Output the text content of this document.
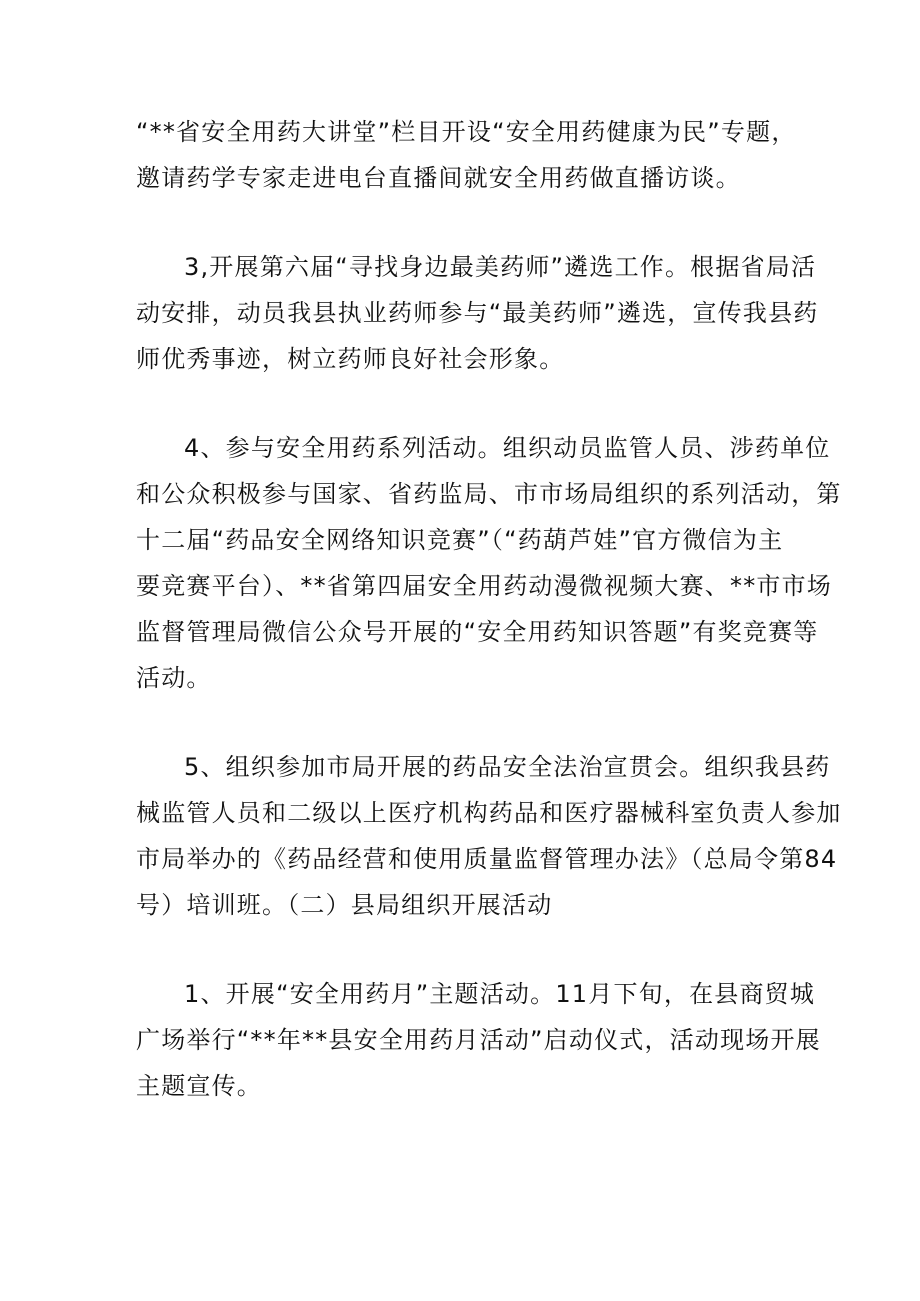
“**省安全用药大讲堂”栏目开设“安全用药健康为民”专题，
邀请药学专家走进电台直播间就安全用药做直播访谈。
3,开展第六届“寻找身边最美药师”遴选工作。根据省局活
动安排，动员我县执业药师参与“最美药师”遴选，宣传我县药
师优秀事迹，树立药师良好社会形象。
4、参与安全用药系列活动。组织动员监管人员、涉药单位
和公众积极参与国家、省药监局、市市场局组织的系列活动，第
十二届“药品安全网络知识竞赛”（“药葫芦娃”官方微信为主
要竞赛平台）、**省第四届安全用药动漫微视频大赛、**市市场
监督管理局微信公众号开展的“安全用药知识答题”有奖竞赛等
活动。
5、组织参加市局开展的药品安全法治宣贯会。组织我县药
械监管人员和二级以上医疗机构药品和医疗器械科室负责人参加
市局举办的《药品经营和使用质量监督管理办法》（总局令第84
号）培训班。（二）县局组织开展活动
1、开展“安全用药月”主题活动。11月下旬，在县商贸城
广场举行“**年**县安全用药月活动”启动仪式，活动现场开展
主题宣传。
